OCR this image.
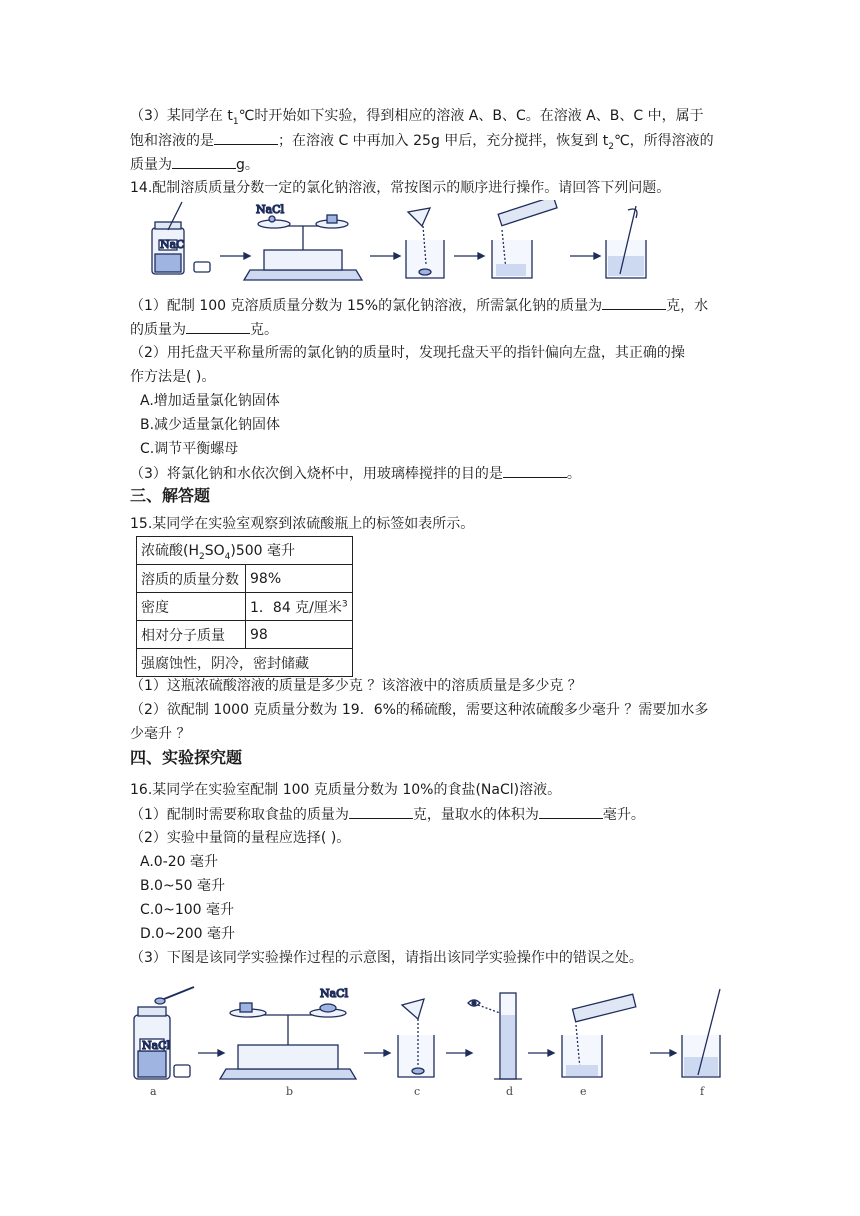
（3）某同学在 $t_1℃$时开始如下实验，得到相应的溶液 A、B、C。在溶液 A、B、C 中，属于
饱和溶液的是	；在溶液 C 中再加入 25g 甲后，充分搅拌，恢复到 $t_2℃$，所得溶液的
质量为	g。
14.配制溶质质量分数一定的氯化钠溶液，常按图示的顺序进行操作。请回答下列问题。
NaC
NaCl
（1）配制 100 克溶质质量分数为 15%的氯化钠溶液，所需氯化钠的质量为	克，水
的质量为	克。
（2）用托盘天平称量所需的氯化钠的质量时，发现托盘天平的指针偏向左盘，其正确的操
作方法是( )。
A.增加适量氯化钠固体
B.减少适量氯化钠固体
C.调节平衡螺母
（3）将氯化钠和水依次倒入烧杯中，用玻璃棒搅拌的目的是	。
三、解答题
15.某同学在实验室观察到浓硫酸瓶上的标签如表所示。
浓硫酸$(H_2SO_4)500$ 毫升	
溶质的质量分数	98%
密度	1．84 克/厘米$^3$
相对分子质量	98
强腐蚀性，阴冷，密封储藏	
（1）这瓶浓硫酸溶液的质量是多少克 ？该溶液中的溶质质量是多少克 ？
（2）欲配制 1000 克质量分数为 19．6%的稀硫酸，需要这种浓硫酸多少毫升 ？需要加水多
少毫升 ？
四、实验探究题
16.某同学在实验室配制 100 克质量分数为 10%的食盐(NaCl)溶液。
（1）配制时需要称取食盐的质量为	克，量取水的体积为	毫升。
（2）实验中量筒的量程应选择( )。
A.0-20 毫升
B.0~50 毫升
C.0~100 毫升
D.0~200 毫升
（3）下图是该同学实验操作过程的示意图，请指出该同学实验操作中的错误之处。
NaCl
NaCl
a	b	c	d	e	f
